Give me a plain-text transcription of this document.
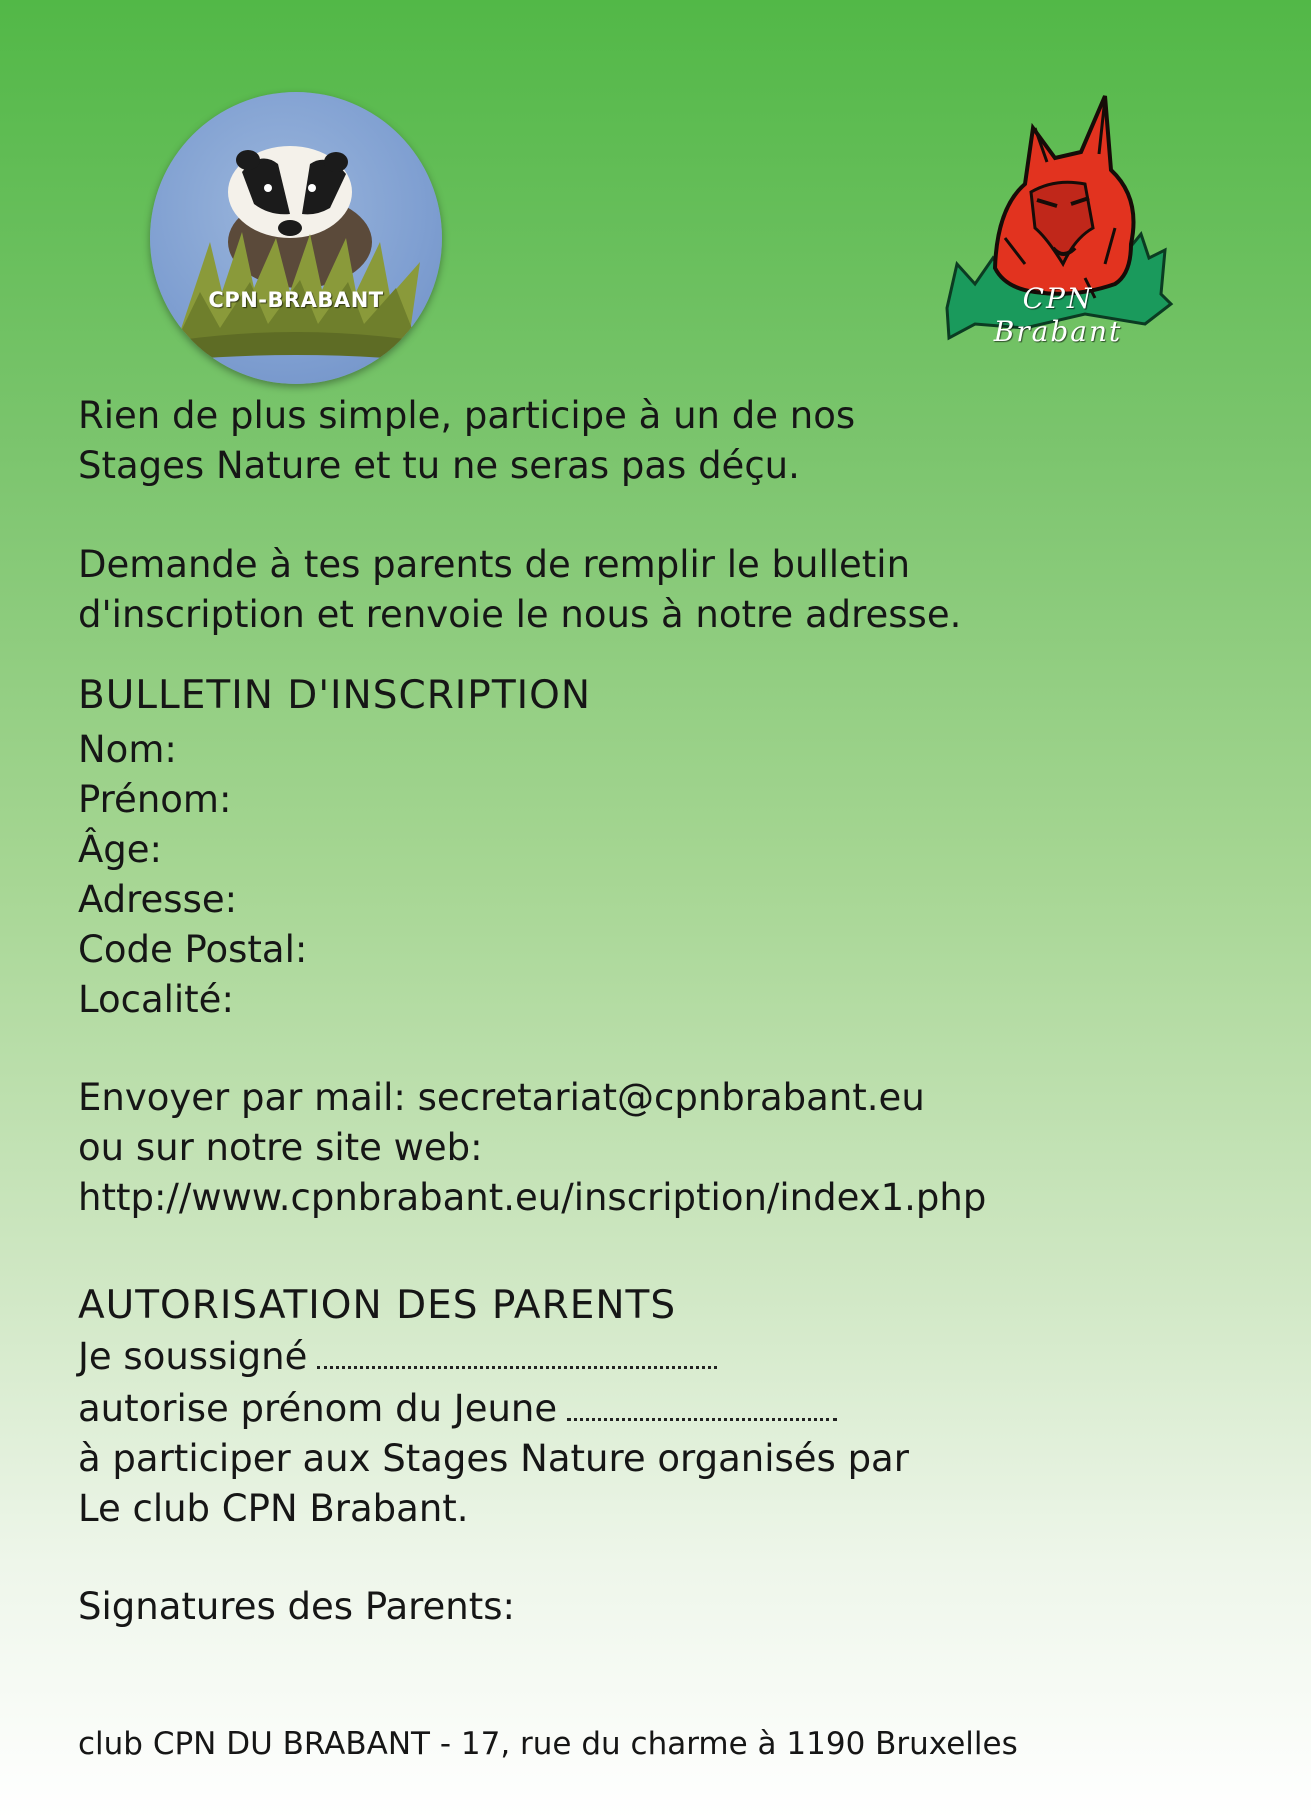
CPN-BRABANT	CPN Brabant

Rien de plus simple, participe à un de nos

Stages Nature et tu ne seras pas déçu.

Demande à tes parents de remplir le bulletin

d'inscription et renvoie le nous à notre adresse.

BULLETIN D'INSCRIPTION

Nom:

Prénom:

Âge:

Adresse:

Code Postal:

Localité:

Envoyer par mail: secretariat@cpnbrabant.eu

ou sur notre site web:

http://www.cpnbrabant.eu/inscription/index1.php

AUTORISATION DES PARENTS

Je soussigné

autorise prénom du Jeune

à participer aux Stages Nature organisés par

Le club CPN Brabant.

Signatures des Parents:

club CPN DU BRABANT - 17, rue du charme à 1190 Bruxelles
